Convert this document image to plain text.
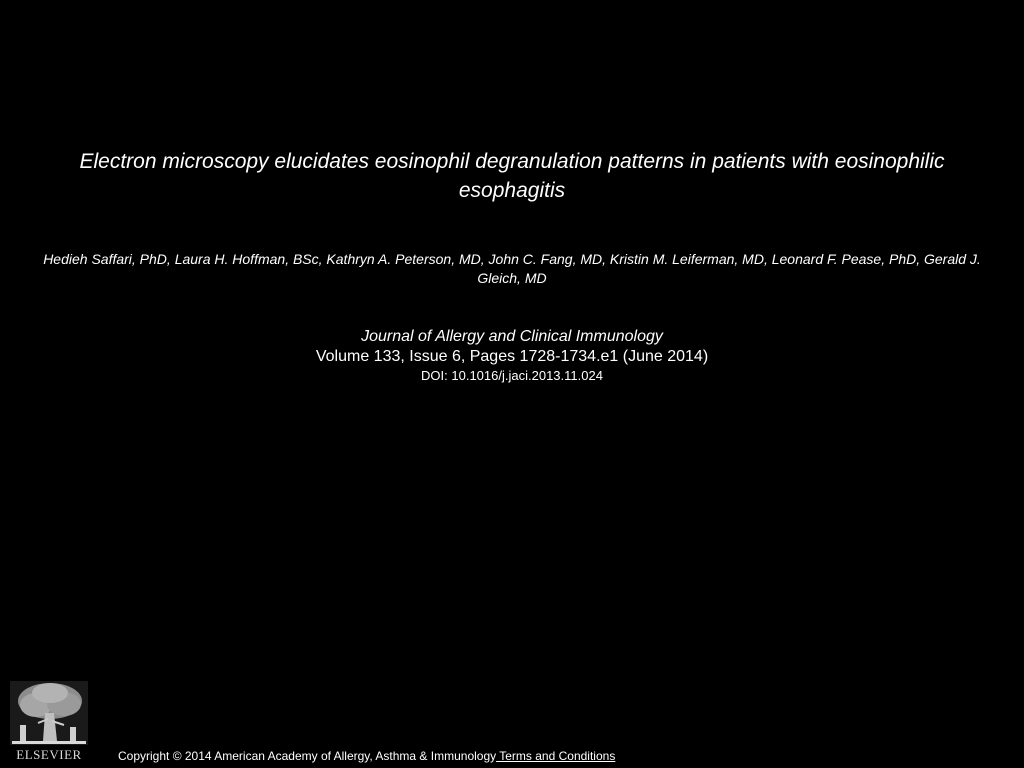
Electron microscopy elucidates eosinophil degranulation patterns in patients with eosinophilic esophagitis

Hedieh Saffari, PhD, Laura H. Hoffman, BSc, Kathryn A. Peterson, MD, John C. Fang, MD, Kristin M. Leiferman, MD, Leonard F. Pease, PhD, Gerald J. Gleich, MD

Journal of Allergy and Clinical Immunology
Volume 133, Issue 6, Pages 1728-1734.e1 (June 2014)
DOI: 10.1016/j.jaci.2013.11.024
ELSEVIER	Copyright © 2014 American Academy of Allergy, Asthma & Immunology Terms and Conditions
